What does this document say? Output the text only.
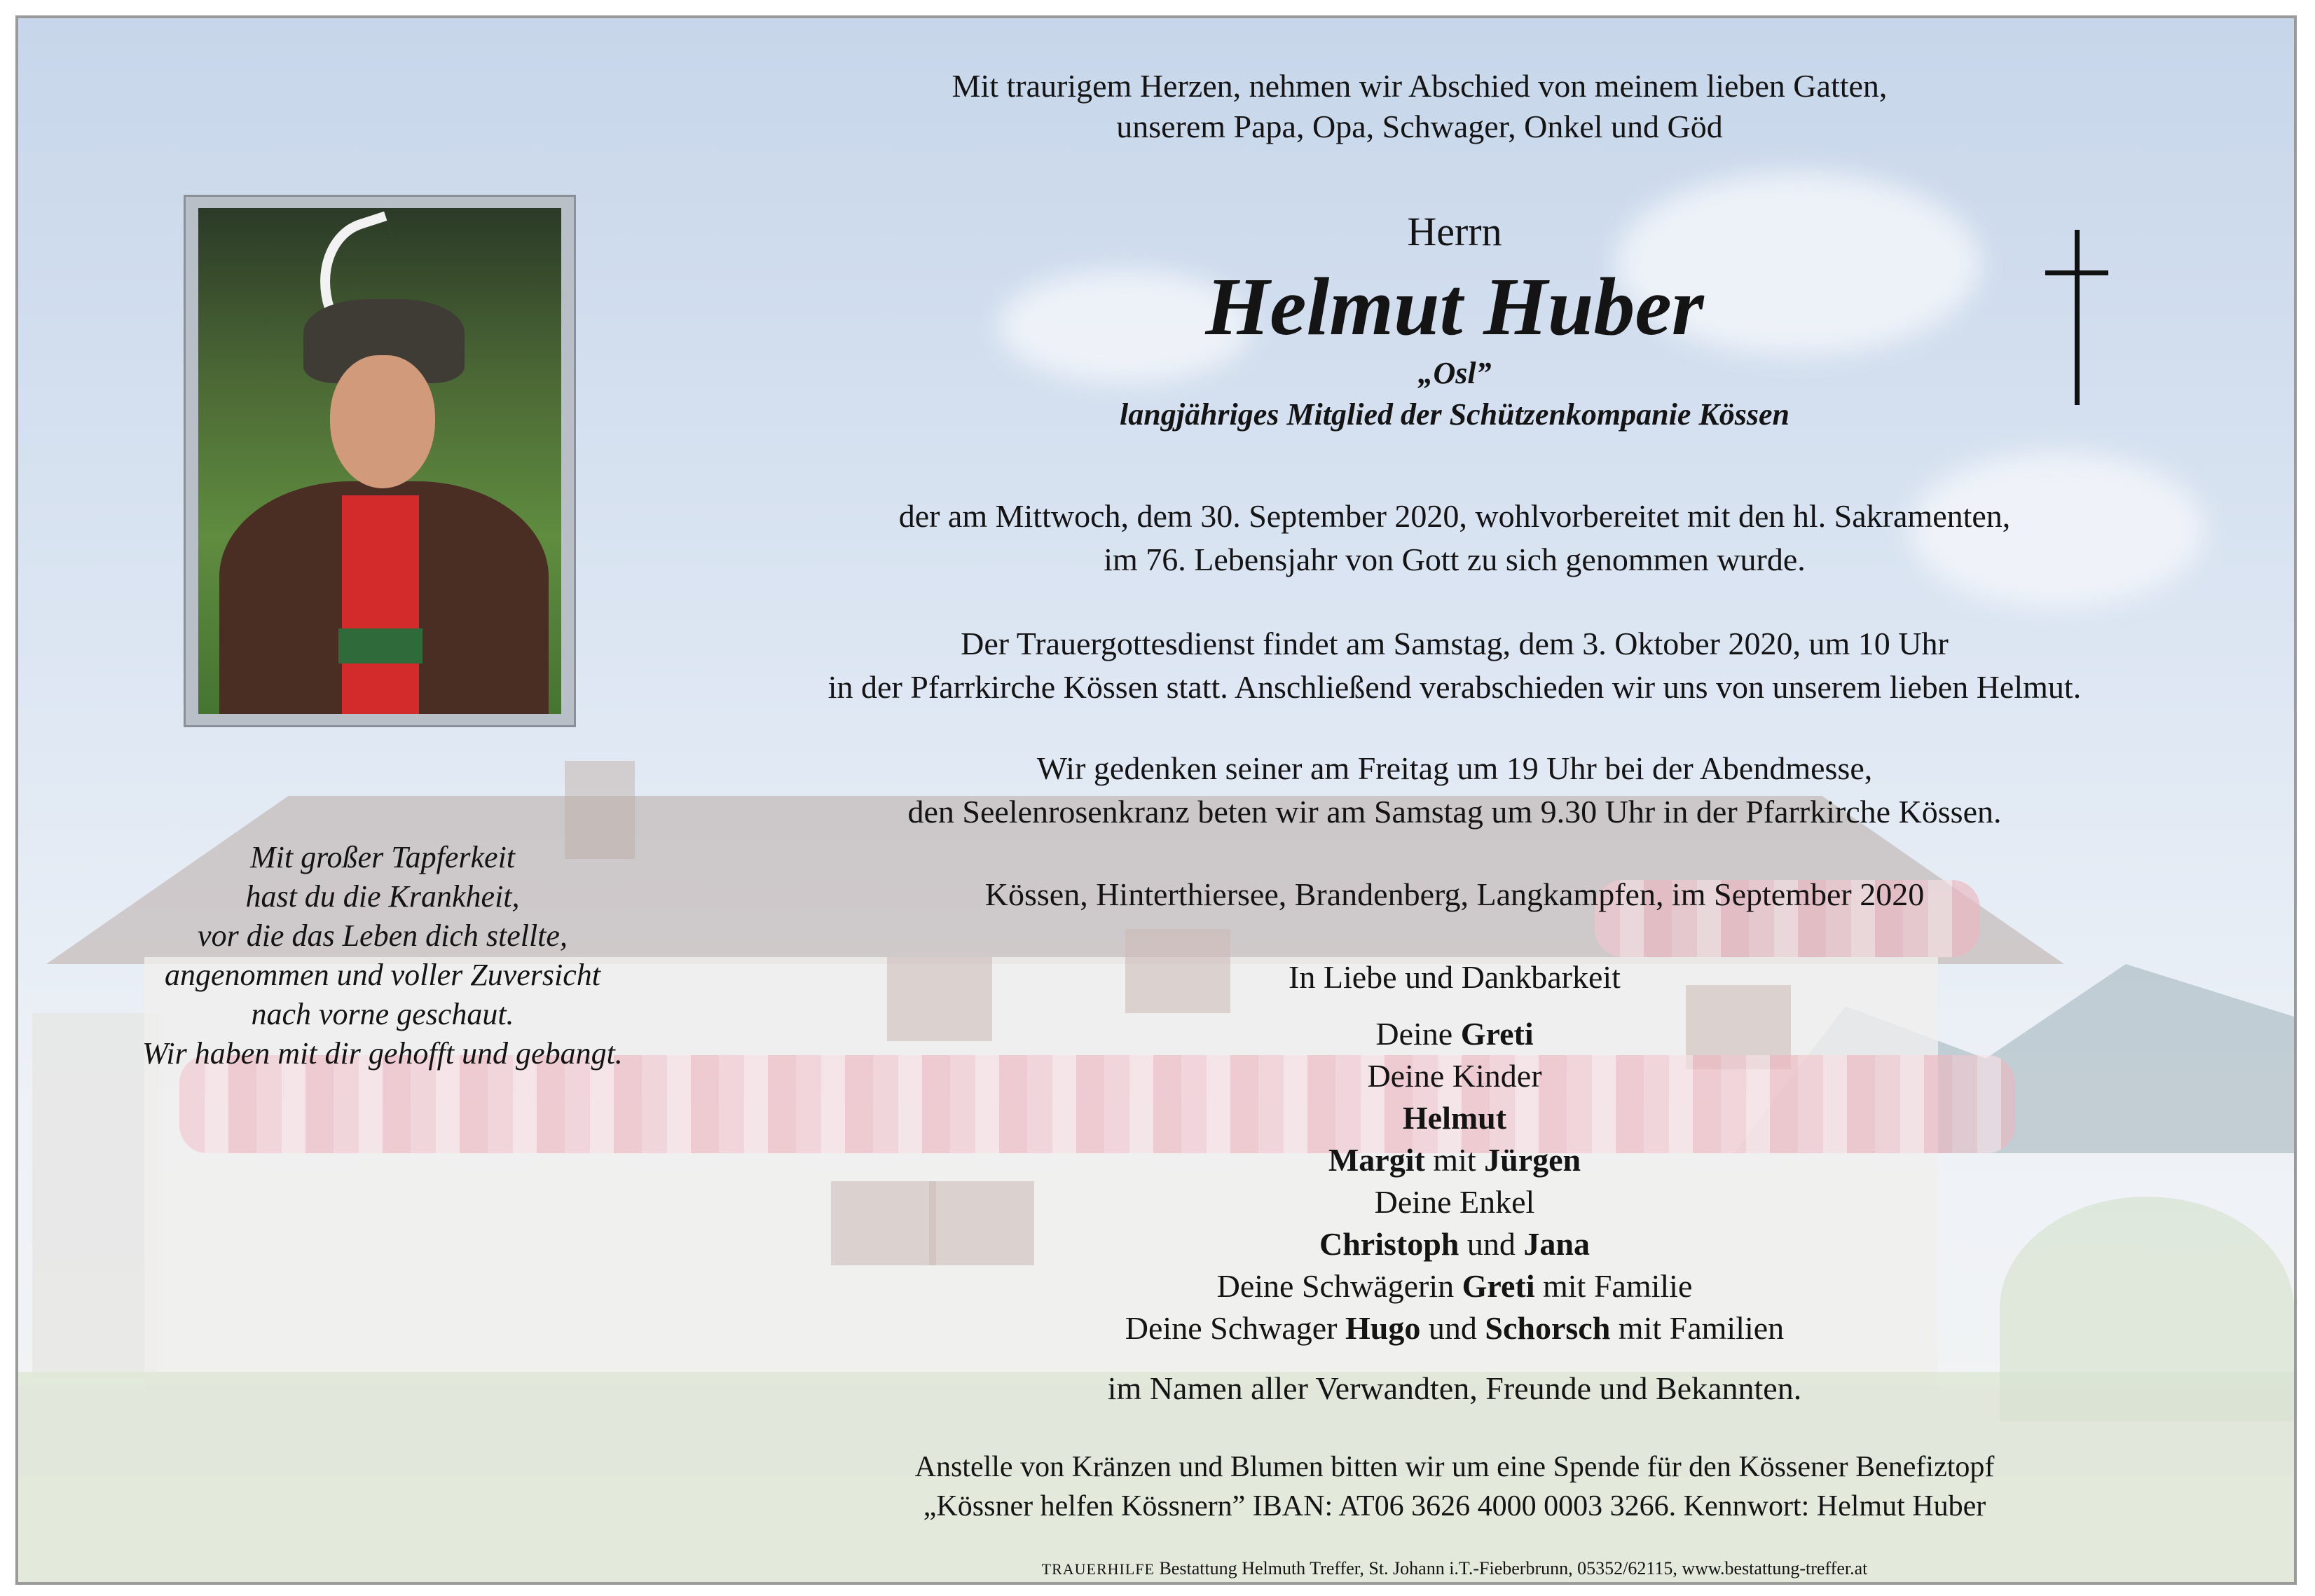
Mit traurigem Herzen, nehmen wir Abschied von meinem lieben Gatten,
unserem Papa, Opa, Schwager, Onkel und Göd

Herrn

Helmut Huber

„Osl”

langjähriges Mitglied der Schützenkompanie Kössen

der am Mittwoch, dem 30. September 2020, wohlvorbereitet mit den hl. Sakramenten,
im 76. Lebensjahr von Gott zu sich genommen wurde.

Der Trauergottesdienst findet am Samstag, dem 3. Oktober 2020, um 10 Uhr
in der Pfarrkirche Kössen statt. Anschließend verabschieden wir uns von unserem lieben Helmut.

Wir gedenken seiner am Freitag um 19 Uhr bei der Abendmesse,
den Seelenrosenkranz beten wir am Samstag um 9.30 Uhr in der Pfarrkirche Kössen.

Kössen, Hinterthiersee, Brandenberg, Langkampfen, im September 2020

In Liebe und Dankbarkeit

Deine Greti
Deine Kinder
Helmut
Margit mit Jürgen
Deine Enkel
Christoph und Jana
Deine Schwägerin Greti mit Familie
Deine Schwager Hugo und Schorsch mit Familien

im Namen aller Verwandten, Freunde und Bekannten.

Anstelle von Kränzen und Blumen bitten wir um eine Spende für den Kössener Benefiztopf
„Kössner helfen Kössnern” IBAN: AT06 3626 4000 0003 3266. Kennwort: Helmut Huber

Mit großer Tapferkeit
hast du die Krankheit,
vor die das Leben dich stellte,
angenommen und voller Zuversicht
nach vorne geschaut.
Wir haben mit dir gehofft und gebangt.

TRAUERHILFE Bestattung Helmuth Treffer, St. Johann i.T.-Fieberbrunn, 05352/62115, www.bestattung-treffer.at
